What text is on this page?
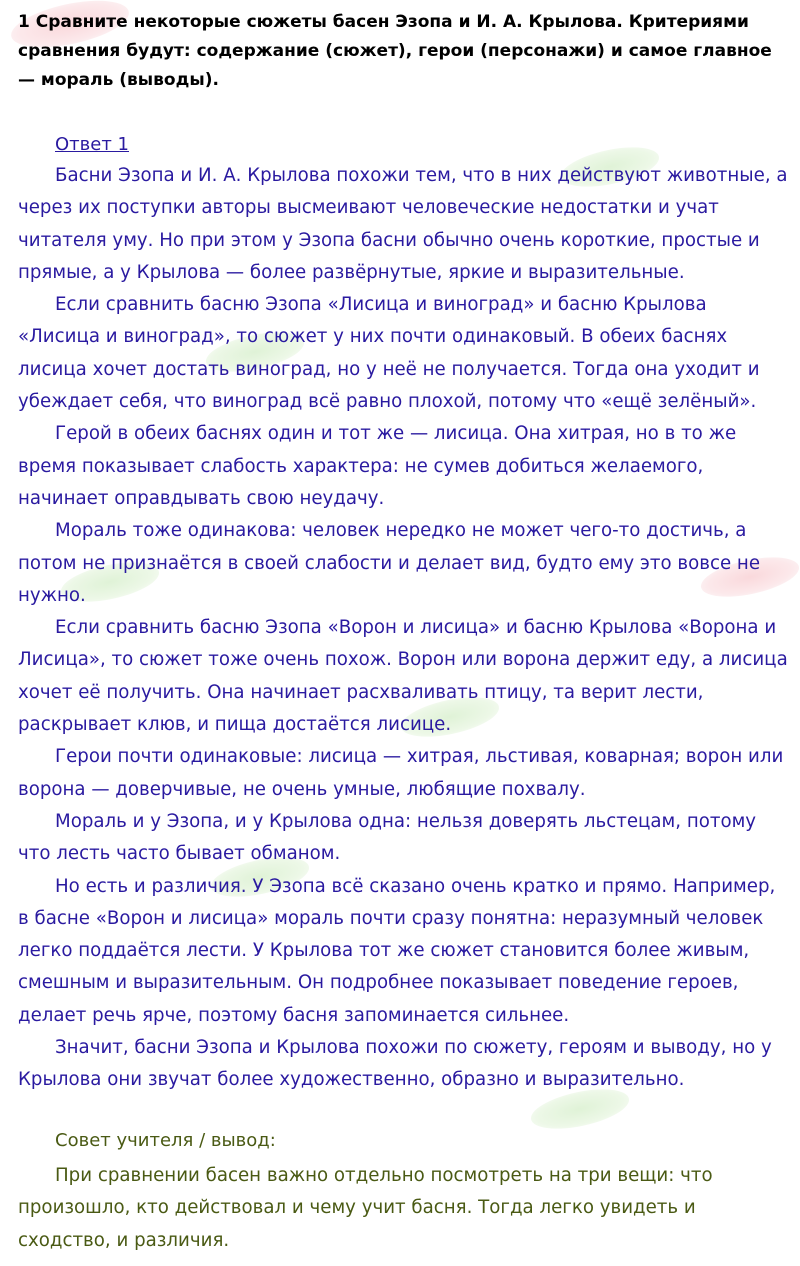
1 Сравните некоторые сюжеты басен Эзопа и И. А. Крылова. Критериями сравнения будут: содержание (сюжет), герои (персонажи) и самое главное — мораль (выводы).
Ответ 1

Басни Эзопа и И. А. Крылова похожи тем, что в них действуют животные, а через их поступки авторы высмеивают человеческие недостатки и учат читателя уму. Но при этом у Эзопа басни обычно очень короткие, простые и прямые, а у Крылова — более развёрнутые, яркие и выразительные.

Если сравнить басню Эзопа «Лисица и виноград» и басню Крылова «Лисица и виноград», то сюжет у них почти одинаковый. В обеих баснях лисица хочет достать виноград, но у неё не получается. Тогда она уходит и убеждает себя, что виноград всё равно плохой, потому что «ещё зелёный».

Герой в обеих баснях один и тот же — лисица. Она хитрая, но в то же время показывает слабость характера: не сумев добиться желаемого, начинает оправдывать свою неудачу.

Мораль тоже одинакова: человек нередко не может чего-то достичь, а потом не признаётся в своей слабости и делает вид, будто ему это вовсе не нужно.

Если сравнить басню Эзопа «Ворон и лисица» и басню Крылова «Ворона и Лисица», то сюжет тоже очень похож. Ворон или ворона держит еду, а лисица хочет её получить. Она начинает расхваливать птицу, та верит лести, раскрывает клюв, и пища достаётся лисице.

Герои почти одинаковые: лисица — хитрая, льстивая, коварная; ворон или ворона — доверчивые, не очень умные, любящие похвалу.

Мораль и у Эзопа, и у Крылова одна: нельзя доверять льстецам, потому что лесть часто бывает обманом.

Но есть и различия. У Эзопа всё сказано очень кратко и прямо. Например, в басне «Ворон и лисица» мораль почти сразу понятна: неразумный человек легко поддаётся лести. У Крылова тот же сюжет становится более живым, смешным и выразительным. Он подробнее показывает поведение героев, делает речь ярче, поэтому басня запоминается сильнее.

Значит, басни Эзопа и Крылова похожи по сюжету, героям и выводу, но у Крылова они звучат более художественно, образно и выразительно.

Совет учителя / вывод:

При сравнении басен важно отдельно посмотреть на три вещи: что произошло, кто действовал и чему учит басня. Тогда легко увидеть и сходство, и различия.
